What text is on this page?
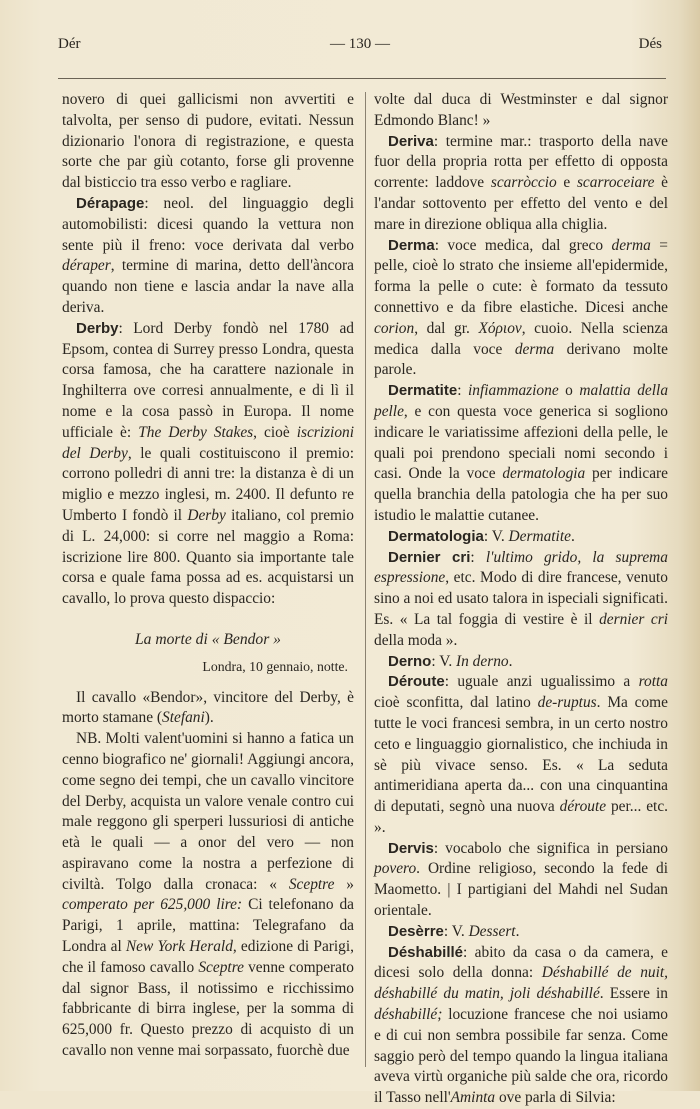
Dér	— 130 —	Dés

novero di quei gallicismi non avvertiti e talvolta, per senso di pudore, evitati. Nessun dizionario l'onora di registrazione, e questa sorte che par giù cotanto, forse gli provenne dal bisticcio tra esso verbo e ragliare.

Dérapage: neol. del linguaggio degli automobilisti: dicesi quando la vettura non sente più il freno: voce derivata dal verbo déraper, termine di marina, detto dell'àncora quando non tiene e lascia andar la nave alla deriva.

Derby: Lord Derby fondò nel 1780 ad Epsom, contea di Surrey presso Londra, questa corsa famosa, che ha carattere nazionale in Inghilterra ove corresi annualmente, e di lì il nome e la cosa passò in Europa. Il nome ufficiale è: The Derby Stakes, cioè iscrizioni del Derby, le quali costituiscono il premio: corrono polledri di anni tre: la distanza è di un miglio e mezzo inglesi, m. 2400. Il defunto re Umberto I fondò il Derby italiano, col premio di L. 24,000: si corre nel maggio a Roma: iscrizione lire 800. Quanto sia importante tale corsa e quale fama possa ad es. acquistarsi un cavallo, lo prova questo dispaccio:

La morte di « Bendor »

Londra, 10 gennaio, notte.

Il cavallo «Bendor», vincitore del Derby, è morto stamane (Stefani).

NB. Molti valent'uomini si hanno a fatica un cenno biografico ne' giornali! Aggiungi ancora, come segno dei tempi, che un cavallo vincitore del Derby, acquista un valore venale contro cui male reggono gli sperperi lussuriosi di antiche età le quali — a onor del vero — non aspiravano come la nostra a perfezione di civiltà. Tolgo dalla cronaca: « Sceptre » comperato per 625,000 lire: Ci telefonano da Parigi, 1 aprile, mattina: Telegrafano da Londra al New York Herald, edizione di Parigi, che il famoso cavallo Sceptre venne comperato dal signor Bass, il notissimo e ricchissimo fabbricante di birra inglese, per la somma di 625,000 fr. Questo prezzo di acquisto di un cavallo non venne mai sorpassato, fuorchè due

volte dal duca di Westminster e dal signor Edmondo Blanc! »

Deriva: termine mar.: trasporto della nave fuor della propria rotta per effetto di opposta corrente: laddove scarròccio e scarroceiare è l'andar sottovento per effetto del vento e del mare in direzione obliqua alla chiglia.

Derma: voce medica, dal greco derma = pelle, cioè lo strato che insieme all'epidermide, forma la pelle o cute: è formato da tessuto connettivo e da fibre elastiche. Dicesi anche corion, dal gr. Χόριον, cuoio. Nella scienza medica dalla voce derma derivano molte parole.

Dermatite: infiammazione o malattia della pelle, e con questa voce generica si sogliono indicare le variatissime affezioni della pelle, le quali poi prendono speciali nomi secondo i casi. Onde la voce dermatologia per indicare quella branchia della patologia che ha per suo istudio le malattie cutanee.

Dermatologia: V. Dermatite.

Dernier cri: l'ultimo grido, la suprema espressione, etc. Modo di dire francese, venuto sino a noi ed usato talora in ispeciali significati. Es. « La tal foggia di vestire è il dernier cri della moda ».

Derno: V. In derno.

Déroute: uguale anzi ugualissimo a rotta cioè sconfitta, dal latino de-ruptus. Ma come tutte le voci francesi sembra, in un certo nostro ceto e linguaggio giornalistico, che inchiuda in sè più vivace senso. Es. « La seduta antimeridiana aperta da... con una cinquantina di deputati, segnò una nuova déroute per... etc. ».

Dervis: vocabolo che significa in persiano povero. Ordine religioso, secondo la fede di Maometto. | I partigiani del Mahdi nel Sudan orientale.

Desèrre: V. Dessert.

Déshabillé: abito da casa o da camera, e dicesi solo della donna: Déshabillé de nuit, déshabillé du matin, joli déshabillé. Essere in déshabillé; locuzione francese che noi usiamo e di cui non sembra possibile far senza. Come saggio però del tempo quando la lingua italiana aveva virtù organiche più salde che ora, ricordo il Tasso nell'Aminta ove parla di Silvia:
